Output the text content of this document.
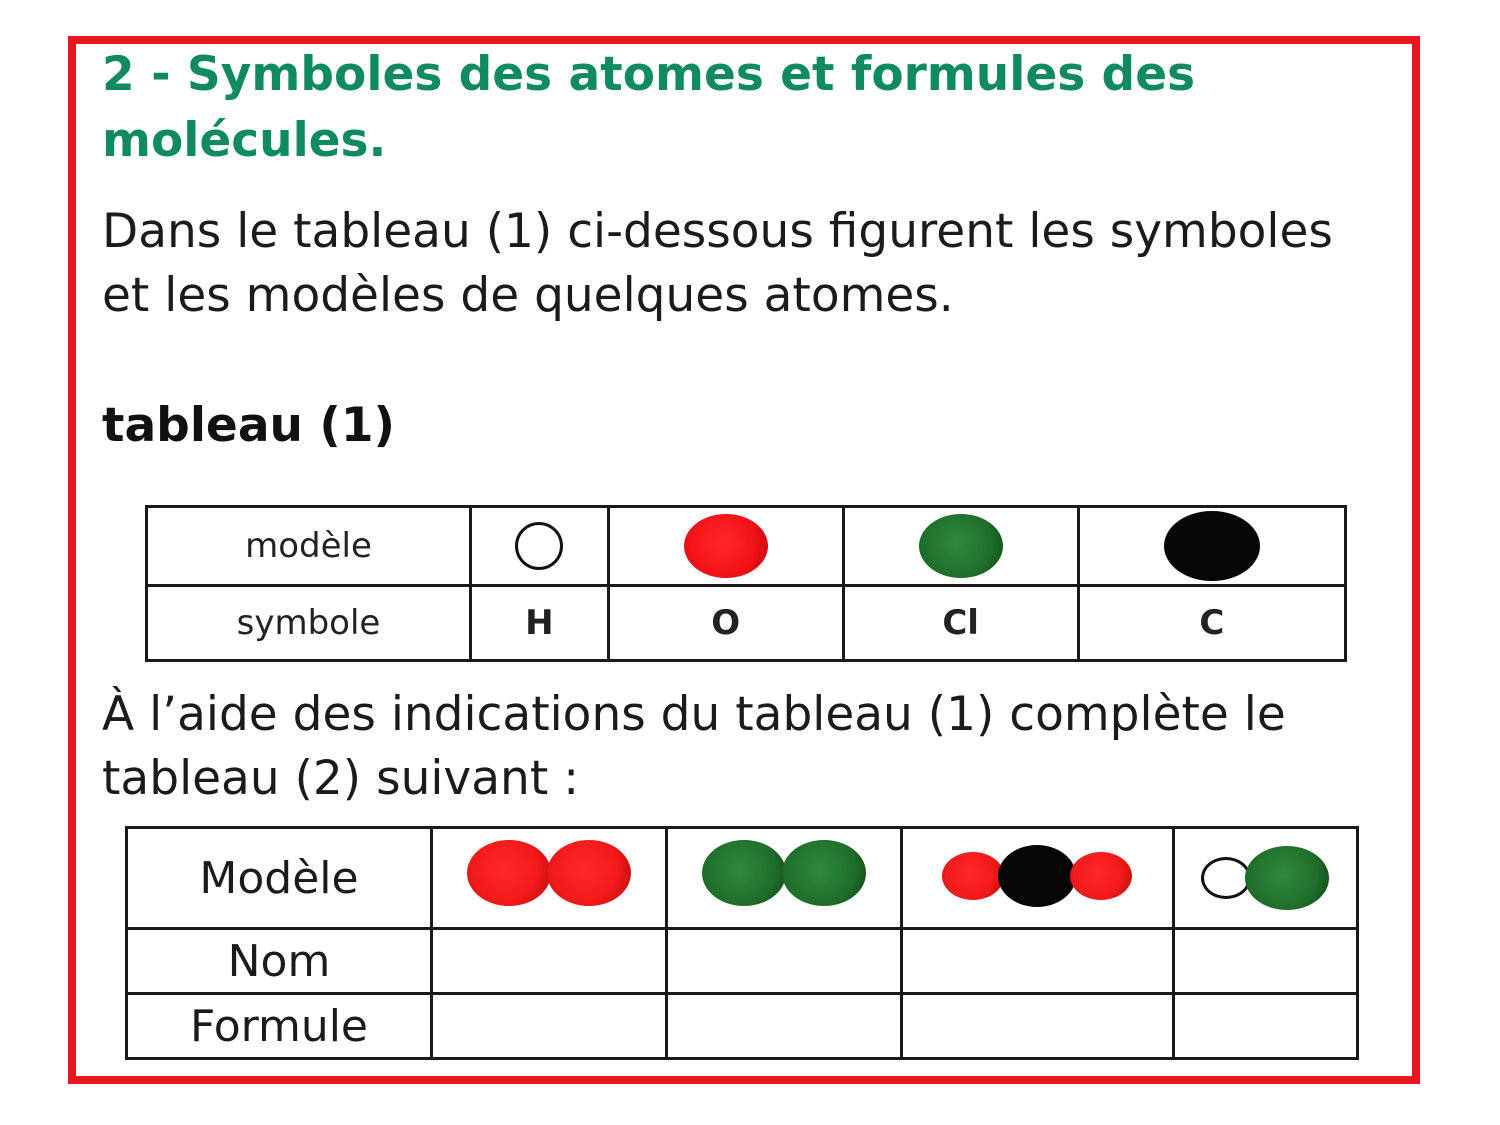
2 - Symboles des atomes et formules des molécules.

Dans le tableau (1) ci-dessous figurent les symboles et les modèles de quelques atomes.

tableau (1)

modèle				
symbole	H	O	Cl	C

À l’aide des indications du tableau (1) complète le tableau (2) suivant :

Modèle	

Nom				
Formule				
